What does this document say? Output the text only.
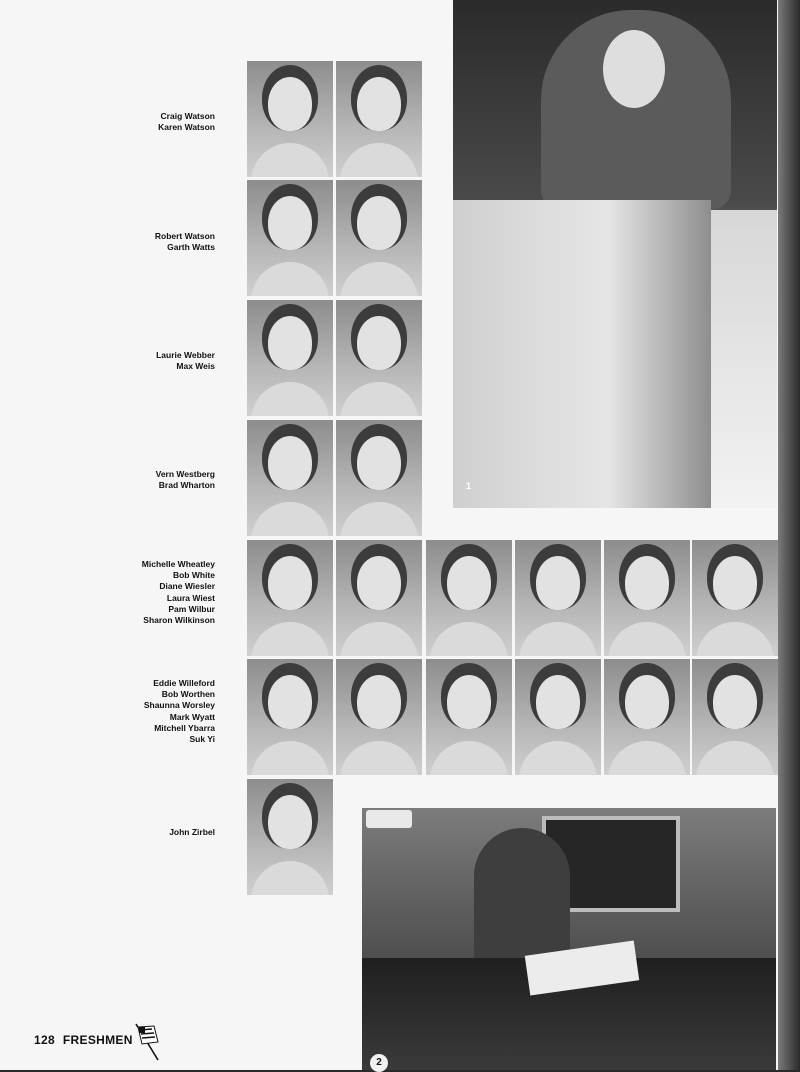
Craig Watson
Karen Watson
Robert Watson
Garth Watts
Laurie Webber
Max Weis
Vern Westberg
Brad Wharton
Michelle Wheatley
Bob White
Diane Wiesler
Laura Wiest
Pam Wilbur
Sharon Wilkinson
Eddie Willeford
Bob Worthen
Shaunna Worsley
Mark Wyatt
Mitchell Ybarra
Suk Yi
John Zirbel
1
2
128 FRESHMEN
